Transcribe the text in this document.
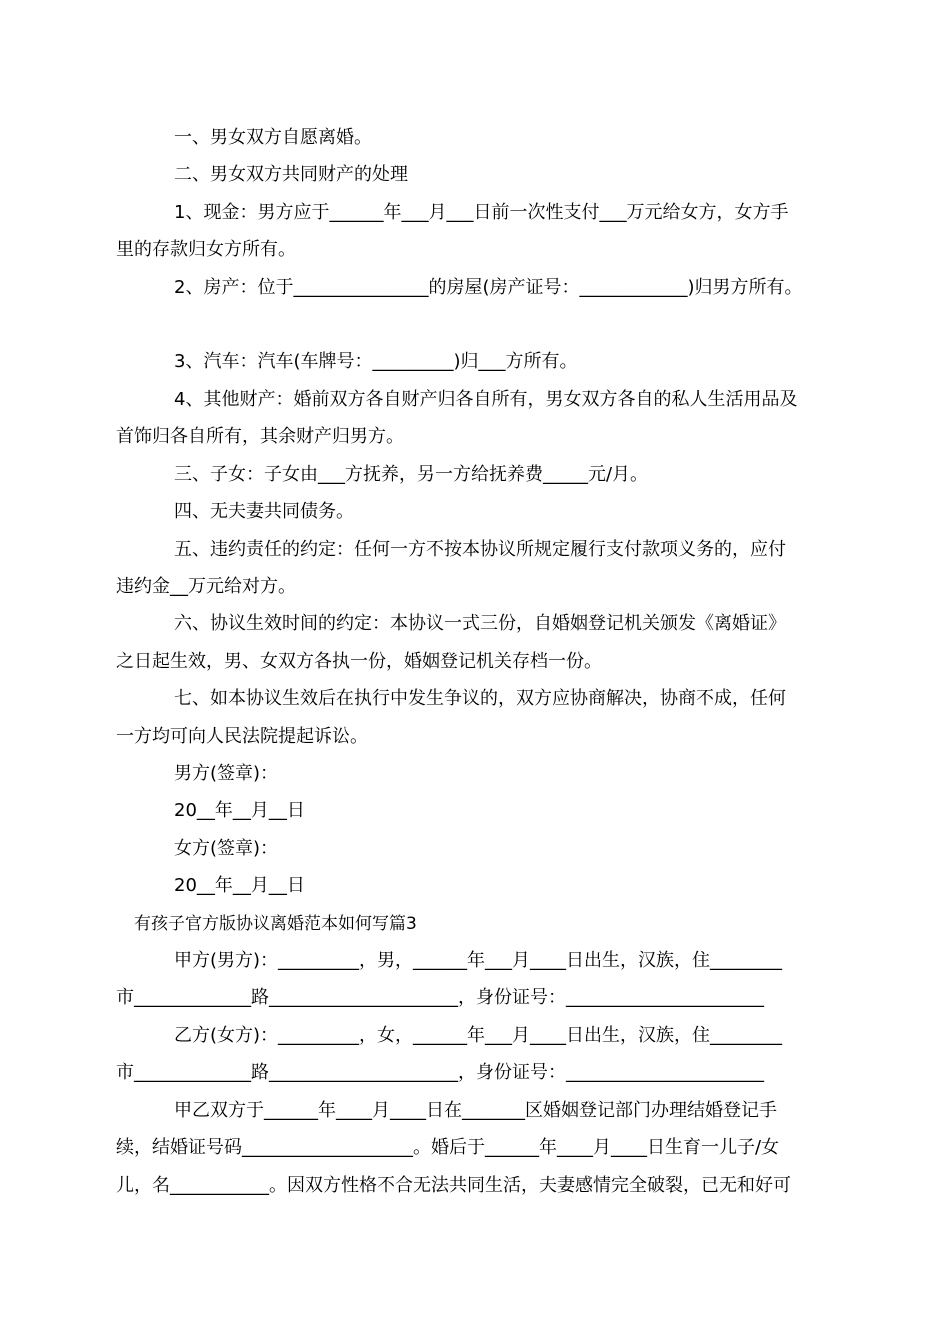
一、男女双方自愿离婚。

二、男女双方共同财产的处理

1、现金：男方应于______年___月___日前一次性支付___万元给女方，女方手

里的存款归女方所有。

2、房产：位于_______________的房屋(房产证号：____________)归男方所有。

3、汽车：汽车(车牌号：_________)归___方所有。

4、其他财产：婚前双方各自财产归各自所有，男女双方各自的私人生活用品及

首饰归各自所有，其余财产归男方。

三、子女：子女由___方抚养，另一方给抚养费_____元/月。

四、无夫妻共同债务。

五、违约责任的约定：任何一方不按本协议所规定履行支付款项义务的，应付

违约金__万元给对方。

六、协议生效时间的约定：本协议一式三份，自婚姻登记机关颁发《离婚证》

之日起生效，男、女双方各执一份，婚姻登记机关存档一份。

七、如本协议生效后在执行中发生争议的，双方应协商解决，协商不成，任何

一方均可向人民法院提起诉讼。

男方(签章)：

20__年__月__日

女方(签章)：

20__年__月__日

有孩子官方版协议离婚范本如何写篇3

甲方(男方)：_________，男，______年___月____日出生，汉族，住________

市_____________路_____________________，身份证号：______________________

乙方(女方)：_________，女，______年___月____日出生，汉族，住________

市_____________路_____________________，身份证号：______________________

甲乙双方于______年____月____日在_______区婚姻登记部门办理结婚登记手

续，结婚证号码___________________。婚后于______年____月____日生育一儿子/女

儿，名___________。因双方性格不合无法共同生活，夫妻感情完全破裂，已无和好可
